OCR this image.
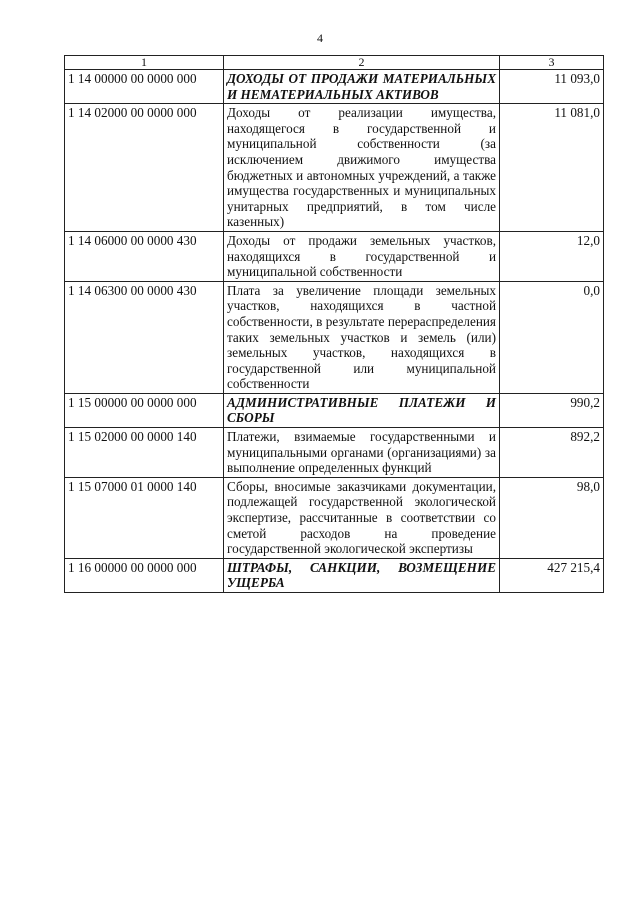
4
1	2	3
1 14 00000 00 0000 000	ДОХОДЫ ОТ ПРОДАЖИ МАТЕРИАЛЬНЫХ И НЕМАТЕРИАЛЬНЫХ АКТИВОВ	11 093,0
1 14 02000 00 0000 000	Доходы от реализации имущества, находящегося в государственной и муниципальной собственности (за исключением движимого имущества бюджетных и автономных учреждений, а также имущества государственных и муниципальных унитарных предприятий, в том числе казенных)	11 081,0
1 14 06000 00 0000 430	Доходы от продажи земельных участков, находящихся в государственной и муниципальной собственности	12,0
1 14 06300 00 0000 430	Плата за увеличение площади земельных участков, находящихся в частной собственности, в результате перераспределения таких земельных участков и земель (или) земельных участков, находящихся в государственной или муниципальной собственности	0,0
1 15 00000 00 0000 000	АДМИНИСТРАТИВНЫЕ ПЛАТЕЖИ И СБОРЫ	990,2
1 15 02000 00 0000 140	Платежи, взимаемые государственными и муниципальными органами (организациями) за выполнение определенных функций	892,2
1 15 07000 01 0000 140	Сборы, вносимые заказчиками документации, подлежащей государственной экологической экспертизе, рассчитанные в соответствии со сметой расходов на проведение государственной экологической экспертизы	98,0
1 16 00000 00 0000 000	ШТРАФЫ, САНКЦИИ, ВОЗМЕЩЕНИЕ УЩЕРБА	427 215,4
